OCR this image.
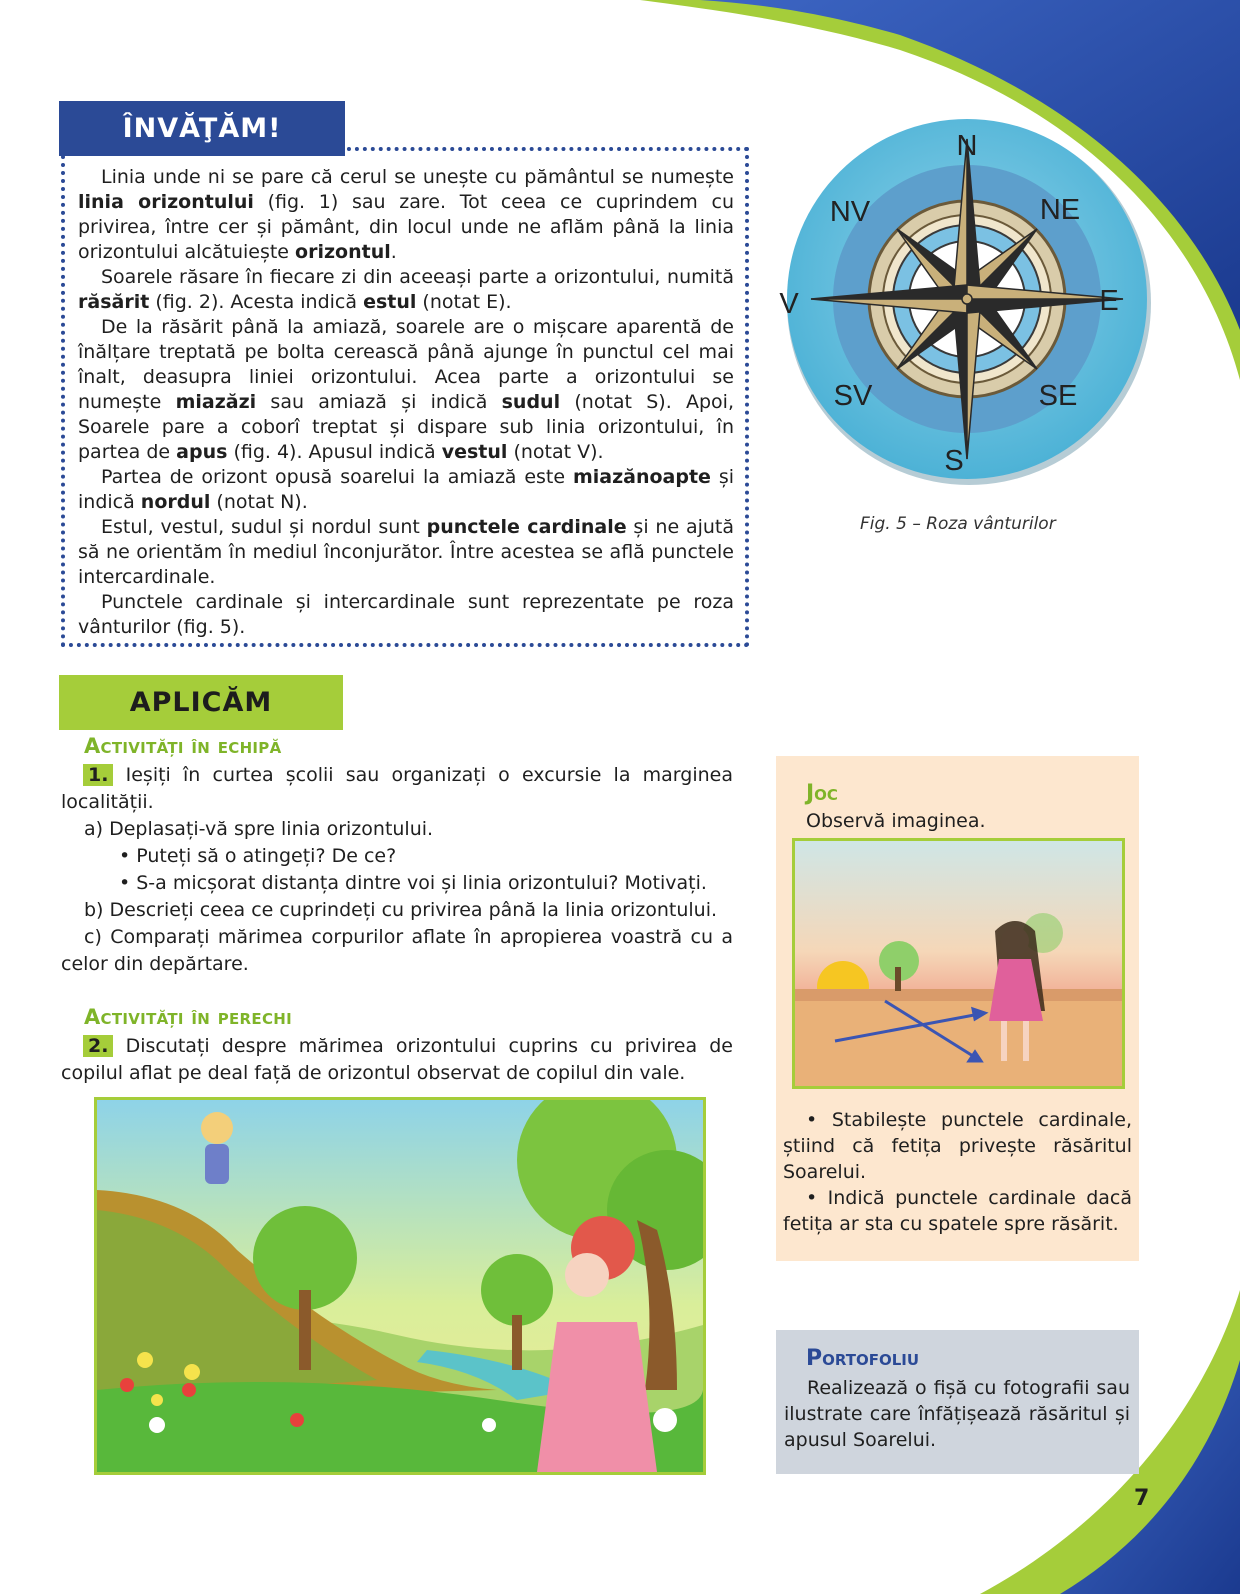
ÎNVĂŢĂM!

Linia unde ni se pare că cerul se unește cu pământul se numește linia orizontului (fig. 1) sau zare. Tot ceea ce cuprindem cu privirea, între cer și pământ, din locul unde ne aflăm până la linia orizontului alcătuiește orizontul.

Soarele răsare în fiecare zi din aceeași parte a orizontului, numită răsărit (fig. 2). Acesta indică estul (notat E).

De la răsărit până la amiază, soarele are o mișcare aparentă de înălțare treptată pe bolta cerească până ajunge în punctul cel mai înalt, deasupra liniei orizontului. Acea parte a orizontului se numește miazăzi sau amiază și indică sudul (notat S). Apoi, Soarele pare a coborî treptat și dispare sub linia orizontului, în partea de apus (fig. 4). Apusul indică vestul (notat V).

Partea de orizont opusă soarelui la amiază este miazănoapte și indică nordul (notat N).

Estul, vestul, sudul și nordul sunt punctele cardinale și ne ajută să ne orientăm în mediul înconjurător. Între acestea se află punctele intercardinale.

Punctele cardinale și intercardinale sunt reprezentate pe roza vânturilor (fig. 5).

N
S
E
V
NV	NE
SV	SE
Fig. 5 – Roza vânturilor
APLICĂM
Activități în echipă

1. Ieșiți în curtea școlii sau organizați o excursie la marginea localității.

a) Deplasați-vă spre linia orizontului.

• Puteți să o atingeți? De ce?

• S-a micșorat distanța dintre voi și linia orizontului? Motivați.

b) Descrieți ceea ce cuprindeți cu privirea până la linia orizontului.

c) Comparați mărimea corpurilor aflate în apropierea voastră cu a celor din depărtare.

Activități în perechi

2. Discutați despre mărimea orizontului cuprins cu privirea de copilul aflat pe deal față de orizontul observat de copilul din vale.

Joc
Observă imaginea.

• Stabilește punctele cardinale, știind că fetița privește răsăritul Soarelui.

• Indică punctele cardinale dacă fetița ar sta cu spatele spre răsărit.

Portofoliu

Realizează o fișă cu fotografii sau ilustrate care înfățișează răsăritul și apusul Soarelui.

7
